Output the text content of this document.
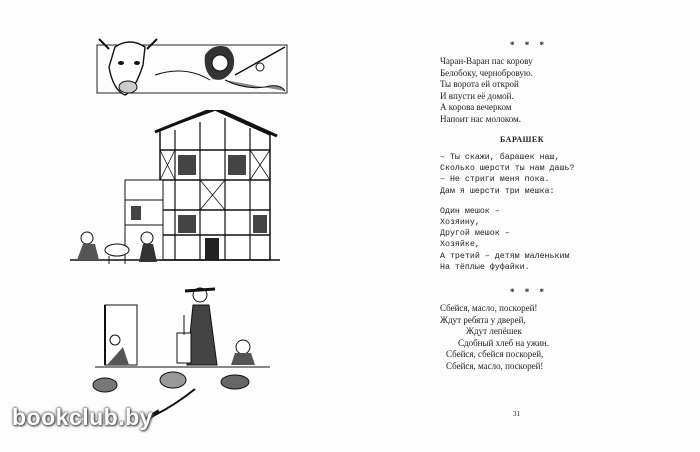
* * *

Чаран-Варан пас корову

Белобоку, чернобровую.

Ты ворота ей открой

И впусти её домой.

А корова вечерком

Напоит нас молоком.

БАРАШЕК

– Ты скажи, барашек наш,

Сколько шерсти ты нам дашь?

– Не стриги меня пока.

Дам я шерсти три мешка:

Один мешок –

Хозяину,

Другой мешок –

Хозяйке,

А третий – детям маленьким

На тёплые фуфайки.

* * *

Сбейся, масло, поскорей!

Ждут ребята у дверей,

Ждут лепёшек

Сдобный хлеб на ужин.

Сбейся, сбейся поскорей,

Сбейся, масло, поскорей!

31
bookclub.by
